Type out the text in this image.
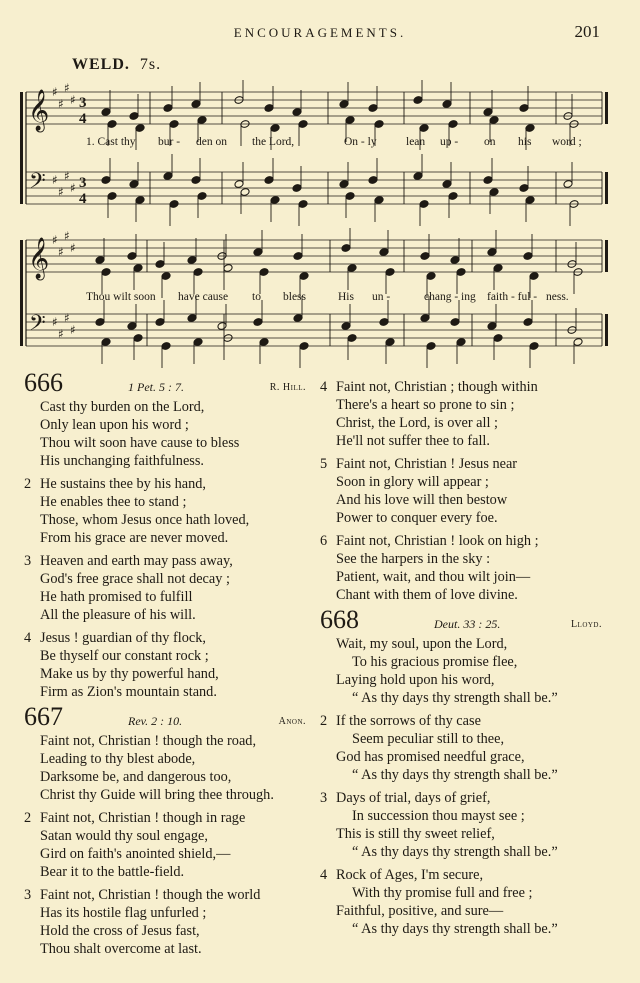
ENCOURAGEMENTS.	201
WELD. 7s.
𝄞
𝄢
♯
♯
♯
♯
♯
♯
♯
♯
3
4
3
4
𝄞
𝄢
♯
♯
♯
♯
♯
♯
♯
♯
1. Cast thy bur - den on the Lord,	On - ly	lean up - on his word ;
Thou wilt soon have cause to bless	His un -	chang - ing faith - ful - ness.
666	1 Pet. 5 : 7.	R. Hill.
Cast thy burden on the Lord,
Only lean upon his word ;
Thou wilt soon have cause to bless
His unchanging faithfulness.
2 He sustains thee by his hand,
He enables thee to stand ;
Those, whom Jesus once hath loved,
From his grace are never moved.
3 Heaven and earth may pass away,
God's free grace shall not decay ;
He hath promised to fulfill
All the pleasure of his will.
4 Jesus ! guardian of thy flock,
Be thyself our constant rock ;
Make us by thy powerful hand,
Firm as Zion's mountain stand.
667	Rev. 2 : 10.	Anon.
Faint not, Christian ! though the road,
Leading to thy blest abode,
Darksome be, and dangerous too,
Christ thy Guide will bring thee through.
2 Faint not, Christian ! though in rage
Satan would thy soul engage,
Gird on faith's anointed shield,—
Bear it to the battle-field.
3 Faint not, Christian ! though the world
Has its hostile flag unfurled ;
Hold the cross of Jesus fast,
Thou shalt overcome at last.
4 Faint not, Christian ; though within
There's a heart so prone to sin ;
Christ, the Lord, is over all ;
He'll not suffer thee to fall.
5 Faint not, Christian ! Jesus near
Soon in glory will appear ;
And his love will then bestow
Power to conquer every foe.
6 Faint not, Christian ! look on high ;
See the harpers in the sky :
Patient, wait, and thou wilt join—
Chant with them of love divine.
668	Deut. 33 : 25.	Lloyd.
Wait, my soul, upon the Lord,
To his gracious promise flee,
Laying hold upon his word,
“ As thy days thy strength shall be.”
2 If the sorrows of thy case
Seem peculiar still to thee,
God has promised needful grace,
“ As thy days thy strength shall be.”
3 Days of trial, days of grief,
In succession thou mayst see ;
This is still thy sweet relief,
“ As thy days thy strength shall be.”
4 Rock of Ages, I'm secure,
With thy promise full and free ;
Faithful, positive, and sure—
“ As thy days thy strength shall be.”
